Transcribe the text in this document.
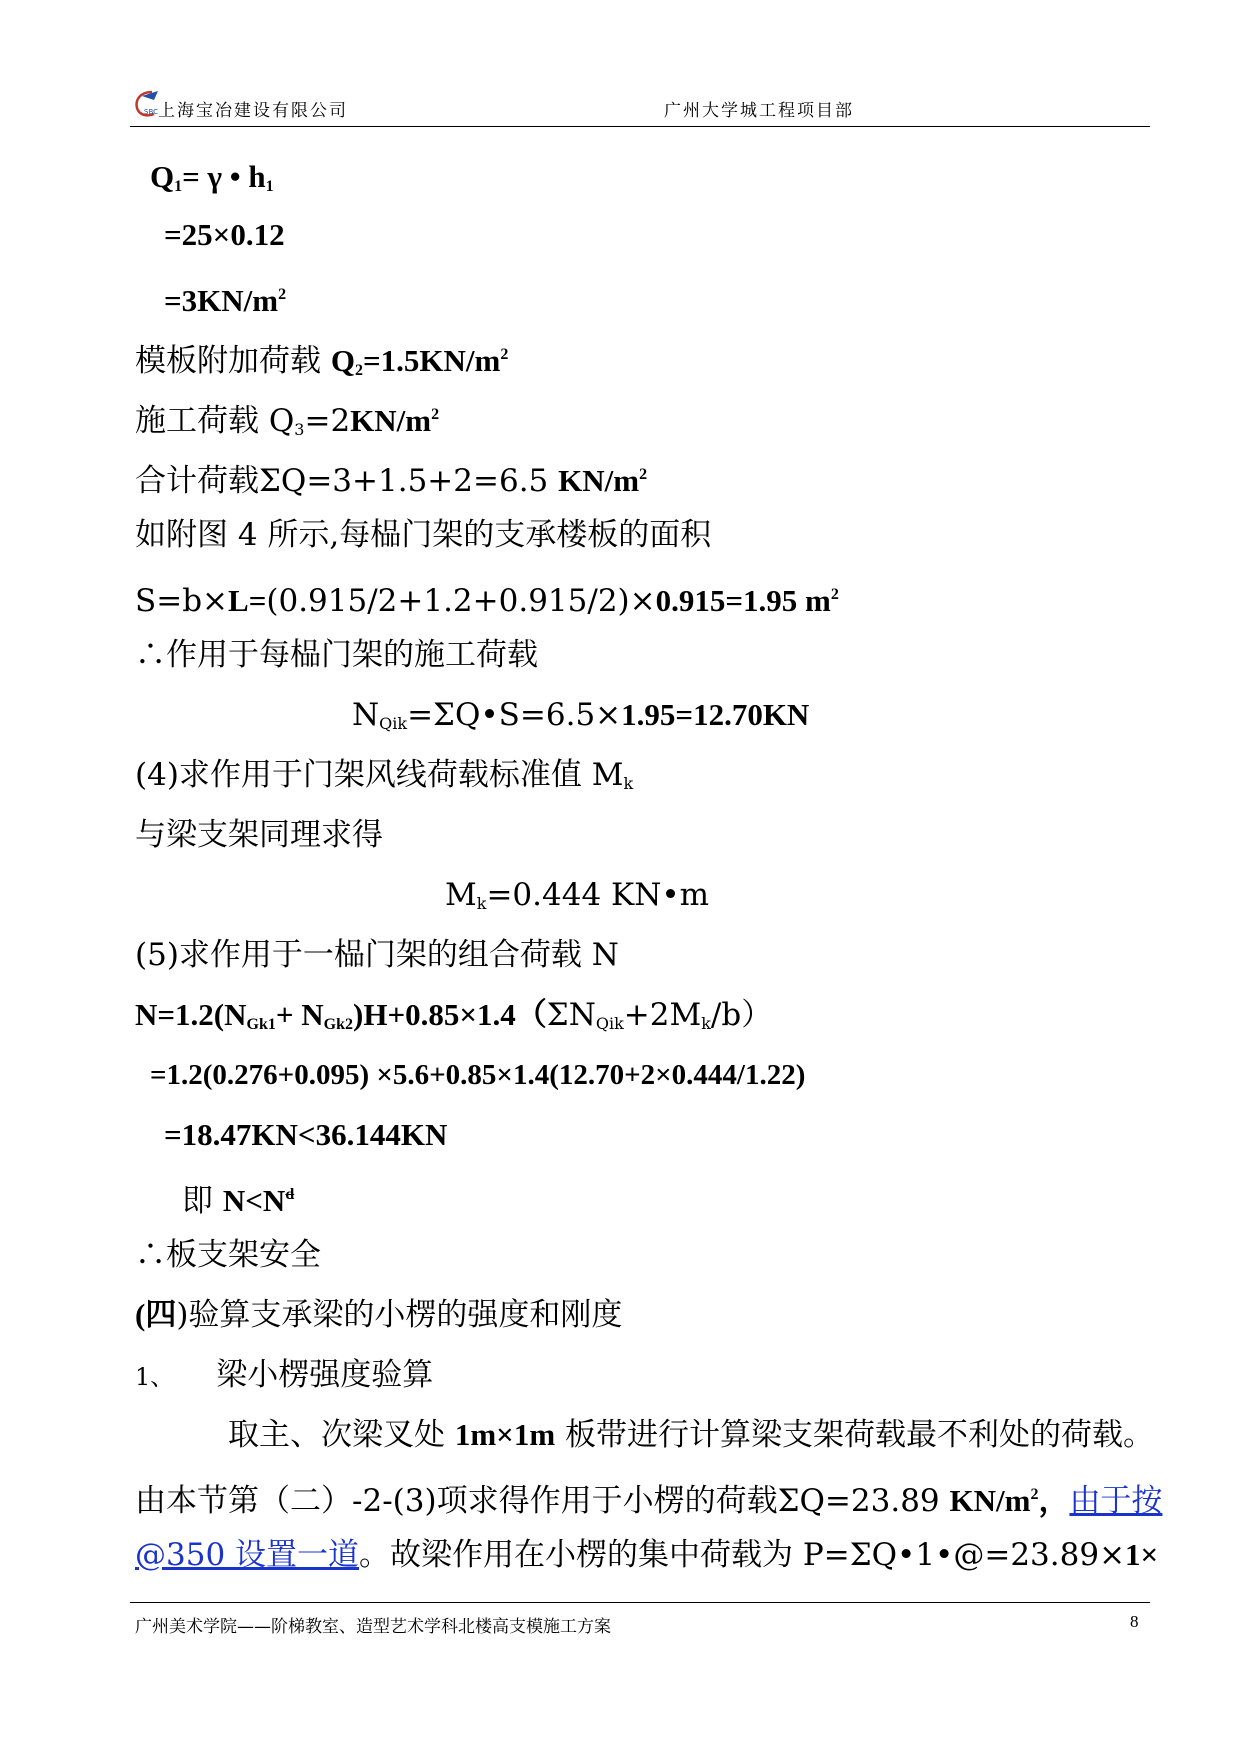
SBC 上海宝冶建设有限公司	广州大学城工程项目部
$Q_1= \gamma$ • $h_1$
=25×0.12
$=3KN/m^2$
模板附加荷载 $Q_2=1.5KN/m^2$
施工荷载 $Q_3=2KN/m^2$
合计荷载ΣQ=3+1.5+2=6.5 $KN/m^2$
如附图 4 所示,每榀门架的支承楼板的面积
S=b×L=(0.915/2+1.2+0.915/2)×0.915=1.95 $m^2$
∴作用于每榀门架的施工荷载
$N_{Qik}=\Sigma Q•S=6.5\times 1.95=12.70KN$
(4)求作用于门架风线荷载标准值 $M_k$
与梁支架同理求得
$M_k=0.444$ KN•m
(5)求作用于一榀门架的组合荷载 N
$N=1.2(N_{Gk1}+ N_{Gk2})H+0.85\times 1.4(\Sigma N_{Qik}+2M_k/b)$
=1.2(0.276+0.095) ×5.6+0.85×1.4(12.70+2×0.444/1.22)
=18.47KN<36.144KN
即 $N<N^d$
∴板支架安全
(四)验算支承梁的小楞的强度和刚度
1、 梁小楞强度验算
取主、次梁叉处 1m×1m 板带进行计算梁支架荷载最不利处的荷载。
由本节第（二）-2-(3)项求得作用于小楞的荷载ΣQ=23.89 $KN/m^2$，由于按
@350 设置一道。故梁作用在小楞的集中荷载为 P=ΣQ•1•@=23.89×1×
广州美术学院——阶梯教室、造型艺术学科北楼高支模施工方案	8
